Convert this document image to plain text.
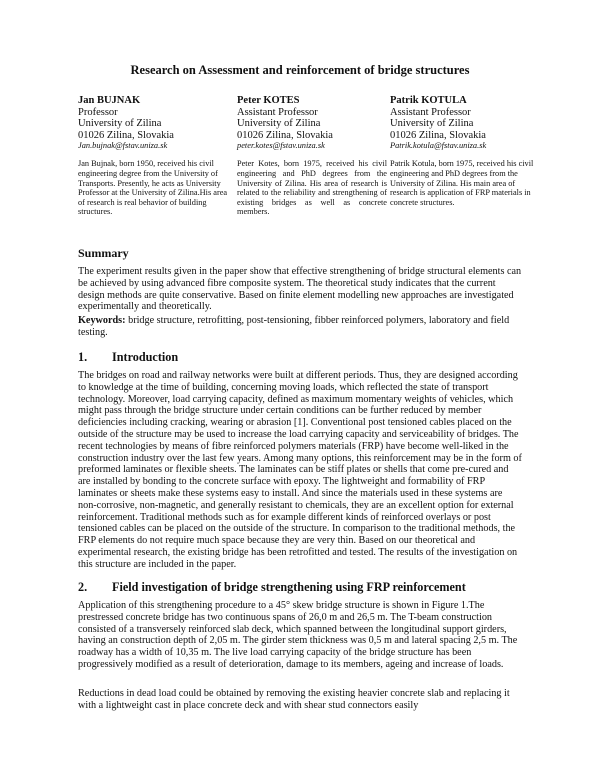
Research on Assessment and reinforcement of bridge structures
Jan BUJNAK
Professor
University of Zilina
01026 Zilina, Slovakia
Jan.bujnak@fstav.uniza.sk
Jan Bujnak, born 1950, received his civil engineering degree from the University of Transports. Presently, he acts as University Professor at the University of Zilina.His area of research is real behavior of building structures.
Peter KOTES
Assistant Professor
University of Zilina
01026 Zilina, Slovakia
peter.kotes@fstav.uniza.sk
Peter Kotes, born 1975, received his civil engineering and PhD degrees from the University of Zilina. His area of research is related to the reliability and strengthening of existing bridges as well as concrete members.
Patrik KOTULA
Assistant Professor
University of Zilina
01026 Zilina, Slovakia
Patrik.kotula@fstav.uniza.sk
Patrik Kotula, born 1975, received his civil engineering and PhD degrees from the University of Zilina. His main area of research is application of FRP materials in concrete structures.
Summary
The experiment results given in the paper show that effective strengthening of bridge structural elements can be achieved by using advanced fibre composite system. The theoretical study indicates that the current design methods are quite conservative. Based on finite element modelling new approaches are investigated experimentally and theoretically.
Keywords: bridge structure, retrofitting, post-tensioning, fibber reinforced polymers, laboratory and field testing.
1. Introduction
The bridges on road and railway networks were built at different periods. Thus, they are designed according to knowledge at the time of building, concerning moving loads, which reflected the state of transport technology. Moreover, load carrying capacity, defined as maximum momentary weights of vehicles, which might pass through the bridge structure under certain conditions can be further reduced by member deficiencies including cracking, wearing or abrasion [1]. Conventional post tensioned cables placed on the outside of the structure may be used to increase the load carrying capacity and serviceability of bridges. The recent technologies by means of fibre reinforced polymers materials (FRP) have become well-liked in the construction industry over the last few years. Among many options, this reinforcement may be in the form of preformed laminates or flexible sheets. The laminates can be stiff plates or shells that come pre-cured and are installed by bonding to the concrete surface with epoxy. The lightweight and formability of FRP laminates or sheets make these systems easy to install. And since the materials used in these systems are non-corrosive, non-magnetic, and generally resistant to chemicals, they are an excellent option for external reinforcement. Traditional methods such as for example different kinds of reinforced overlays or post tensioned cables can be placed on the outside of the structure. In comparison to the traditional methods, the FRP elements do not require much space because they are very thin. Based on our theoretical and experimental research, the existing bridge has been retrofitted and tested. The results of the investigation on this structure are included in the paper.
2. Field investigation of bridge strengthening using FRP reinforcement
Application of this strengthening procedure to a 45° skew bridge structure is shown in Figure 1.The prestressed concrete bridge has two continuous spans of 26,0 m and 26,5 m. The T-beam construction consisted of a transversely reinforced slab deck, which spanned between the longitudinal support girders, having an construction depth of 2,05 m. The girder stem thickness was 0,5 m and lateral spacing 2,5 m. The roadway has a width of 10,35 m. The live load carrying capacity of the bridge structure has been progressively modified as a result of deterioration, damage to its members, ageing and increase of loads.
Reductions in dead load could be obtained by removing the existing heavier concrete slab and replacing it with a lightweight cast in place concrete deck and with shear stud connectors easily
